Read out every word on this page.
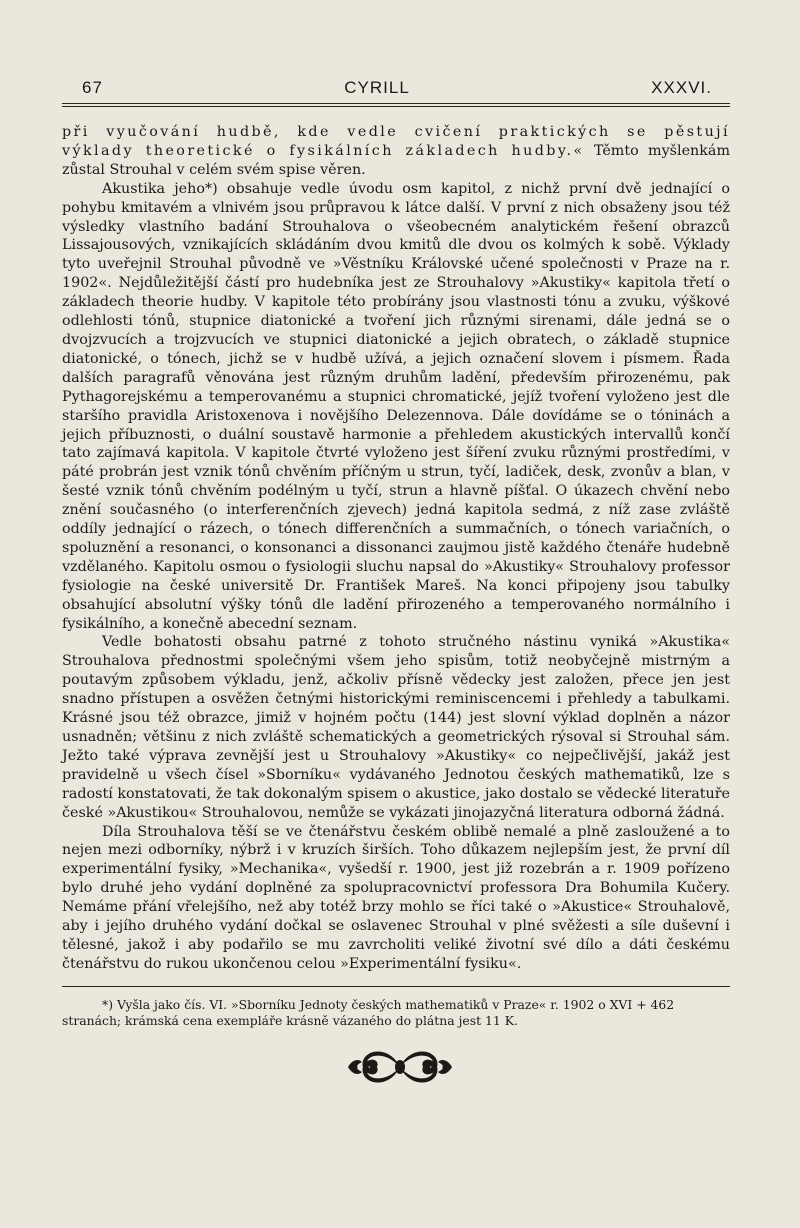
67	CYRILL	XXXVI.

při vyučování hudbě, kde vedle cvičení praktických se pěstují výklady theoretické o fysikálních základech hudby.« Těmto myšlenkám zůstal Strouhal v celém svém spise věren.

Akustika jeho*) obsahuje vedle úvodu osm kapitol, z nichž první dvě jednající o pohybu kmitavém a vlnivém jsou průpravou k látce další. V první z nich obsaženy jsou též výsledky vlastního badání Strouhalova o všeobecném analytickém řešení obrazců Lissajousových, vznikajících skládáním dvou kmitů dle dvou os kolmých k sobě. Výklady tyto uveřejnil Strouhal původně ve »Věstníku Královské učené společnosti v Praze na r. 1902«. Nejdůležitější částí pro hudebníka jest ze Strouhalovy »Akustiky« kapitola třetí o základech theorie hudby. V kapitole této probírány jsou vlastnosti tónu a zvuku, výškové odlehlosti tónů, stupnice diatonické a tvoření jich různými sirenami, dále jedná se o dvojzvucích a trojzvucích ve stupnici diatonické a jejich obratech, o základě stupnice diatonické, o tónech, jichž se v hudbě užívá, a jejich označení slovem i písmem. Řada dalších paragrafů věnována jest různým druhům ladění, především přirozenému, pak Pythagorejskému a temperovanému a stupnici chromatické, jejíž tvoření vyloženo jest dle staršího pravidla Aristoxenova i novějšího Delezennova. Dále dovídáme se o tóninách a jejich příbuznosti, o duální soustavě harmonie a přehledem akustických intervallů končí tato zajímavá kapitola. V kapitole čtvrté vyloženo jest šíření zvuku různými prostředími, v páté probrán jest vznik tónů chvěním příčným u strun, tyčí, ladiček, desk, zvonův a blan, v šesté vznik tónů chvěním podélným u tyčí, strun a hlavně píšťal. O úkazech chvění nebo znění současného (o interferenčních zjevech) jedná kapitola sedmá, z níž zase zvláště oddíly jednající o rázech, o tónech differenčních a summačních, o tónech variačních, o spoluznění a resonanci, o konsonanci a dissonanci zaujmou jistě každého čtenáře hudebně vzdělaného. Kapitolu osmou o fysiologii sluchu napsal do »Akustiky« Strouhalovy professor fysiologie na české universitě Dr. František Mareš. Na konci připojeny jsou tabulky obsahující absolutní výšky tónů dle ladění přirozeného a temperovaného normálního i fysikálního, a konečně abecední seznam.

Vedle bohatosti obsahu patrné z tohoto stručného nástinu vyniká »Akustika« Strouhalova přednostmi společnými všem jeho spisům, totiž neobyčejně mistrným a poutavým způsobem výkladu, jenž, ačkoliv přísně vědecky jest založen, přece jen jest snadno přístupen a osvěžen četnými historickými reminiscencemi i přehledy a tabulkami. Krásné jsou též obrazce, jimiž v hojném počtu (144) jest slovní výklad doplněn a názor usnadněn; většinu z nich zvláště schematických a geometrických rýsoval si Strouhal sám. Ježto také výprava zevnější jest u Strouhalovy »Akustiky« co nejpečlivější, jakáž jest pravidelně u všech čísel »Sborníku« vydávaného Jednotou českých mathematiků, lze s radostí konstatovati, že tak dokonalým spisem o akustice, jako dostalo se vědecké literatuře české »Akustikou« Strouhalovou, nemůže se vykázati jinojazyčná literatura odborná žádná.

Díla Strouhalova těší se ve čtenářstvu českém oblibě nemalé a plně zasloužené a to nejen mezi odborníky, nýbrž i v kruzích širších. Toho důkazem nejlepším jest, že první díl experimentální fysiky, »Mechanika«, vyšedší r. 1900, jest již rozebrán a r. 1909 pořízeno bylo druhé jeho vydání doplněné za spolupracovnictví professora Dra Bohumila Kučery. Nemáme přání vřelejšího, než aby totéž brzy mohlo se říci také o »Akustice« Strouhalově, aby i jejího druhého vydání dočkal se oslavenec Strouhal v plné svěžesti a síle duševní i tělesné, jakož i aby podařilo se mu zavrcholiti veliké životní své dílo a dáti českému čtenářstvu do rukou ukončenou celou »Experimentální fysiku«.

*) Vyšla jako čís. VI. »Sborníku Jednoty českých mathematiků v Praze« r. 1902 o XVI + 462
stranách; krámská cena exempláře krásně vázaného do plátna jest 11 K.
